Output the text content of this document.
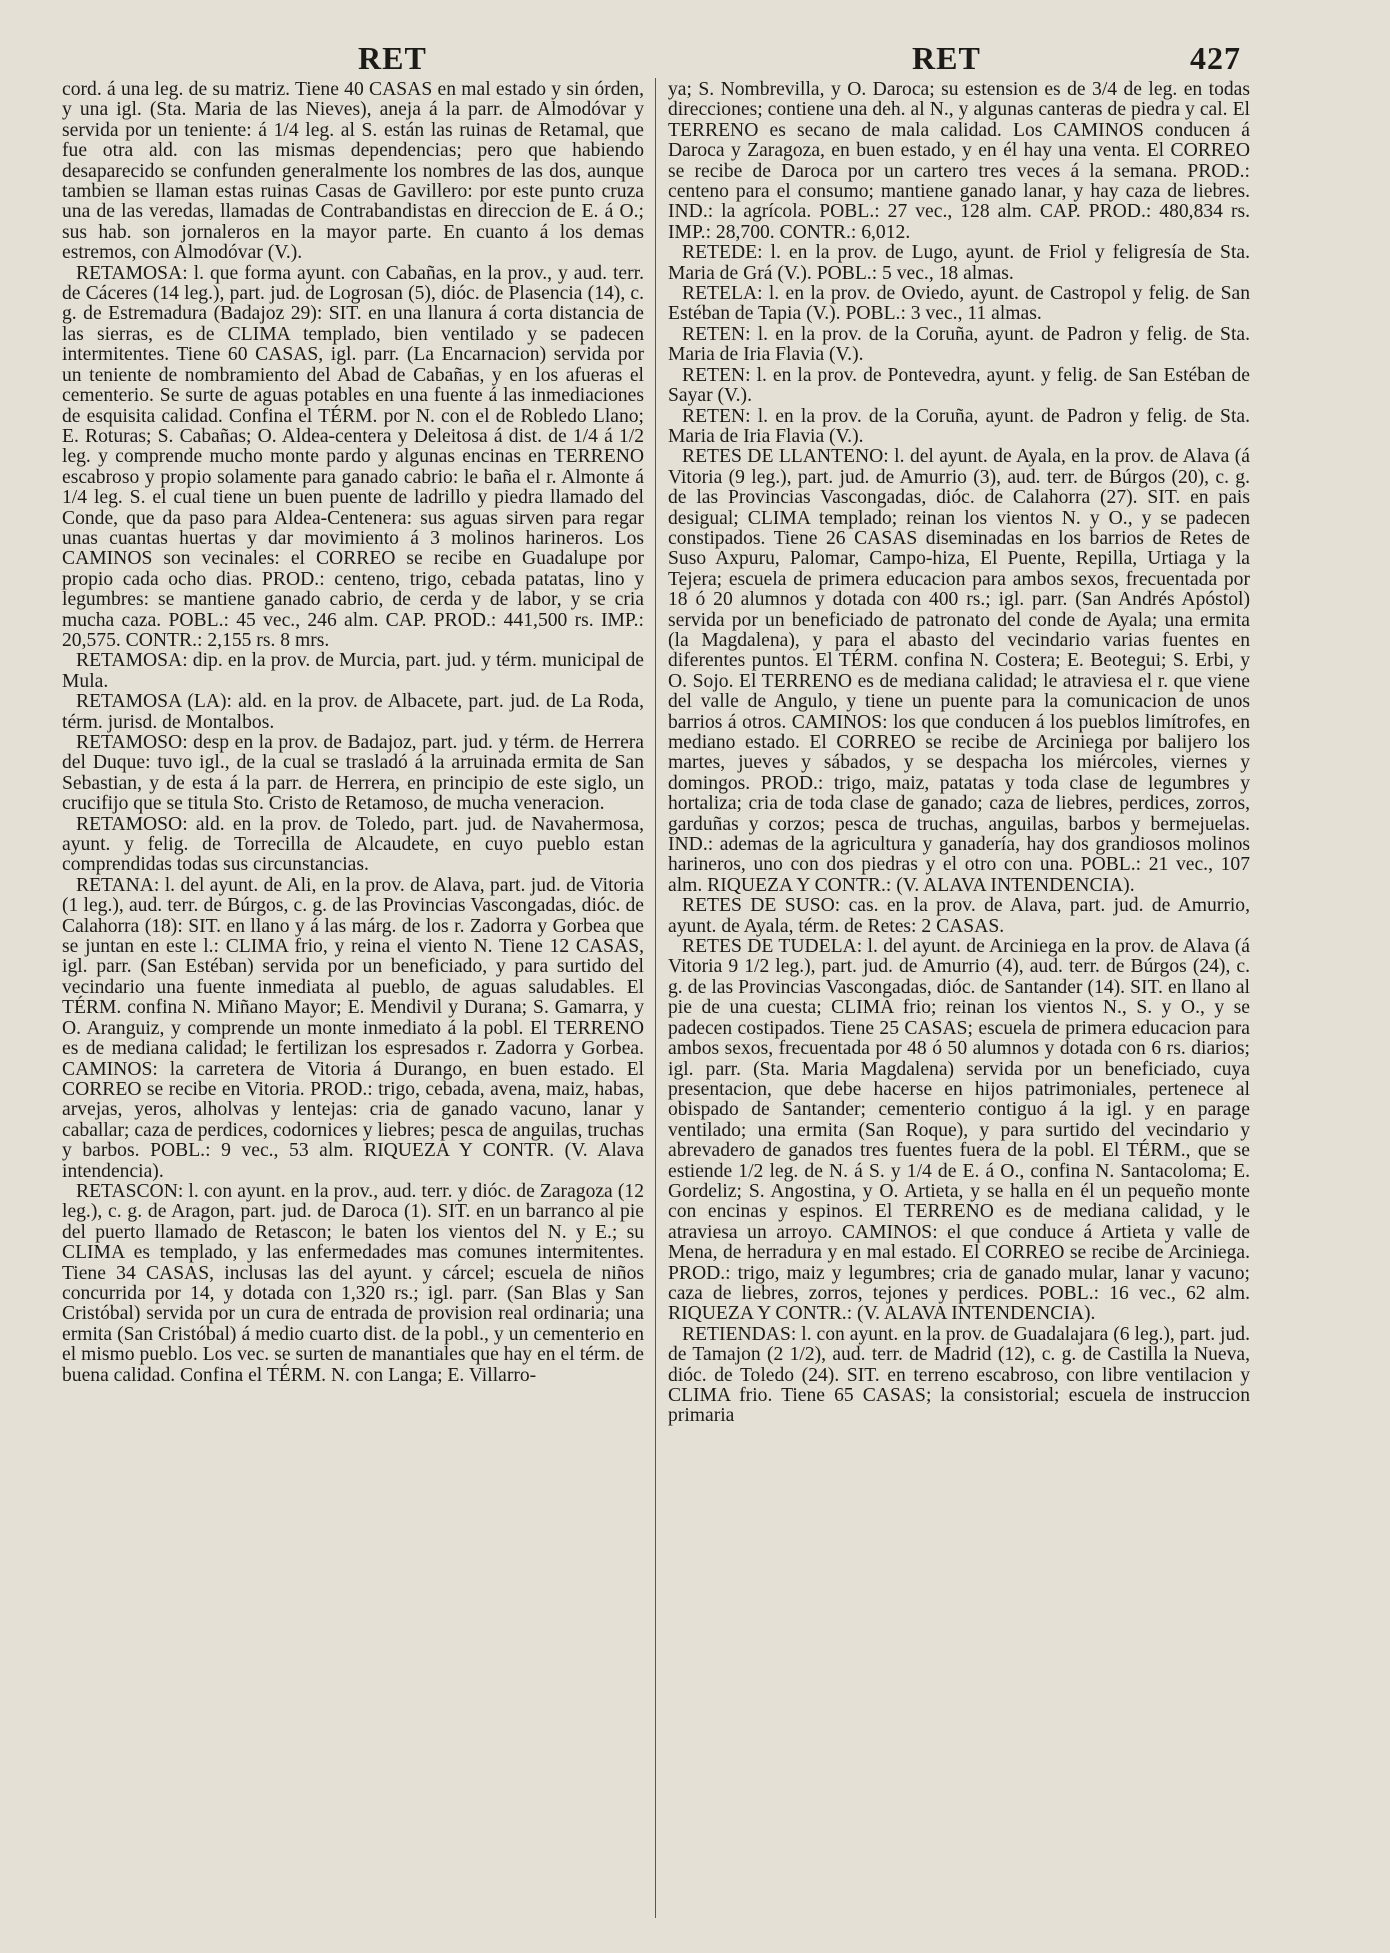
RET	RET	427

cord. á una leg. de su matriz. Tiene 40 CASAS en mal estado y sin órden, y una igl. (Sta. Maria de las Nieves), aneja á la parr. de Almodóvar y servida por un teniente: á 1/4 leg. al S. están las ruinas de Retamal, que fue otra ald. con las mismas dependencias; pero que habiendo desaparecido se confunden generalmente los nombres de las dos, aunque tambien se llaman estas ruinas Casas de Gavillero: por este punto cruza una de las veredas, llamadas de Contrabandistas en direccion de E. á O.; sus hab. son jornaleros en la mayor parte. En cuanto á los demas estremos, con Almodóvar (V.).

RETAMOSA: l. que forma ayunt. con Cabañas, en la prov., y aud. terr. de Cáceres (14 leg.), part. jud. de Logrosan (5), dióc. de Plasencia (14), c. g. de Estremadura (Badajoz 29): SIT. en una llanura á corta distancia de las sierras, es de CLIMA templado, bien ventilado y se padecen intermitentes. Tiene 60 CASAS, igl. parr. (La Encarnacion) servida por un teniente de nombramiento del Abad de Cabañas, y en los afueras el cementerio. Se surte de aguas potables en una fuente á las inmediaciones de esquisita calidad. Confina el TÉRM. por N. con el de Robledo Llano; E. Roturas; S. Cabañas; O. Aldea-centera y Deleitosa á dist. de 1/4 á 1/2 leg. y comprende mucho monte pardo y algunas encinas en TERRENO escabroso y propio solamente para ganado cabrio: le baña el r. Almonte á 1/4 leg. S. el cual tiene un buen puente de ladrillo y piedra llamado del Conde, que da paso para Aldea-Centenera: sus aguas sirven para regar unas cuantas huertas y dar movimiento á 3 molinos harineros. Los CAMINOS son vecinales: el CORREO se recibe en Guadalupe por propio cada ocho dias. PROD.: centeno, trigo, cebada patatas, lino y legumbres: se mantiene ganado cabrio, de cerda y de labor, y se cria mucha caza. POBL.: 45 vec., 246 alm. CAP. PROD.: 441,500 rs. IMP.: 20,575. CONTR.: 2,155 rs. 8 mrs.

RETAMOSA: dip. en la prov. de Murcia, part. jud. y térm. municipal de Mula.

RETAMOSA (LA): ald. en la prov. de Albacete, part. jud. de La Roda, térm. jurisd. de Montalbos.

RETAMOSO: desp en la prov. de Badajoz, part. jud. y térm. de Herrera del Duque: tuvo igl., de la cual se trasladó á la arruinada ermita de San Sebastian, y de esta á la parr. de Herrera, en principio de este siglo, un crucifijo que se titula Sto. Cristo de Retamoso, de mucha veneracion.

RETAMOSO: ald. en la prov. de Toledo, part. jud. de Navahermosa, ayunt. y felig. de Torrecilla de Alcaudete, en cuyo pueblo estan comprendidas todas sus circunstancias.

RETANA: l. del ayunt. de Ali, en la prov. de Alava, part. jud. de Vitoria (1 leg.), aud. terr. de Búrgos, c. g. de las Provincias Vascongadas, dióc. de Calahorra (18): SIT. en llano y á las márg. de los r. Zadorra y Gorbea que se juntan en este l.: CLIMA frio, y reina el viento N. Tiene 12 CASAS, igl. parr. (San Estéban) servida por un beneficiado, y para surtido del vecindario una fuente inmediata al pueblo, de aguas saludables. El TÉRM. confina N. Miñano Mayor; E. Mendivil y Durana; S. Gamarra, y O. Aranguiz, y comprende un monte inmediato á la pobl. El TERRENO es de mediana calidad; le fertilizan los espresados r. Zadorra y Gorbea. CAMINOS: la carretera de Vitoria á Durango, en buen estado. El CORREO se recibe en Vitoria. PROD.: trigo, cebada, avena, maiz, habas, arvejas, yeros, alholvas y lentejas: cria de ganado vacuno, lanar y caballar; caza de perdices, codornices y liebres; pesca de anguilas, truchas y barbos. POBL.: 9 vec., 53 alm. RIQUEZA Y CONTR. (V. Alava intendencia).

RETASCON: l. con ayunt. en la prov., aud. terr. y dióc. de Zaragoza (12 leg.), c. g. de Aragon, part. jud. de Daroca (1). SIT. en un barranco al pie del puerto llamado de Retascon; le baten los vientos del N. y E.; su CLIMA es templado, y las enfermedades mas comunes intermitentes. Tiene 34 CASAS, inclusas las del ayunt. y cárcel; escuela de niños concurrida por 14, y dotada con 1,320 rs.; igl. parr. (San Blas y San Cristóbal) servida por un cura de entrada de provision real ordinaria; una ermita (San Cristóbal) á medio cuarto dist. de la pobl., y un cementerio en el mismo pueblo. Los vec. se surten de manantiales que hay en el térm. de buena calidad. Confina el TÉRM. N. con Langa; E. Villarro-

ya; S. Nombrevilla, y O. Daroca; su estension es de 3/4 de leg. en todas direcciones; contiene una deh. al N., y algunas canteras de piedra y cal. El TERRENO es secano de mala calidad. Los CAMINOS conducen á Daroca y Zaragoza, en buen estado, y en él hay una venta. El CORREO se recibe de Daroca por un cartero tres veces á la semana. PROD.: centeno para el consumo; mantiene ganado lanar, y hay caza de liebres. IND.: la agrícola. POBL.: 27 vec., 128 alm. CAP. PROD.: 480,834 rs. IMP.: 28,700. CONTR.: 6,012.

RETEDE: l. en la prov. de Lugo, ayunt. de Friol y feligresía de Sta. Maria de Grá (V.). POBL.: 5 vec., 18 almas.

RETELA: l. en la prov. de Oviedo, ayunt. de Castropol y felig. de San Estéban de Tapia (V.). POBL.: 3 vec., 11 almas.

RETEN: l. en la prov. de la Coruña, ayunt. de Padron y felig. de Sta. Maria de Iria Flavia (V.).

RETEN: l. en la prov. de Pontevedra, ayunt. y felig. de San Estéban de Sayar (V.).

RETEN: l. en la prov. de la Coruña, ayunt. de Padron y felig. de Sta. Maria de Iria Flavia (V.).

RETES DE LLANTENO: l. del ayunt. de Ayala, en la prov. de Alava (á Vitoria (9 leg.), part. jud. de Amurrio (3), aud. terr. de Búrgos (20), c. g. de las Provincias Vascongadas, dióc. de Calahorra (27). SIT. en pais desigual; CLIMA templado; reinan los vientos N. y O., y se padecen constipados. Tiene 26 CASAS diseminadas en los barrios de Retes de Suso Axpuru, Palomar, Campo-hiza, El Puente, Repilla, Urtiaga y la Tejera; escuela de primera educacion para ambos sexos, frecuentada por 18 ó 20 alumnos y dotada con 400 rs.; igl. parr. (San Andrés Apóstol) servida por un beneficiado de patronato del conde de Ayala; una ermita (la Magdalena), y para el abasto del vecindario varias fuentes en diferentes puntos. El TÉRM. confina N. Costera; E. Beotegui; S. Erbi, y O. Sojo. El TERRENO es de mediana calidad; le atraviesa el r. que viene del valle de Angulo, y tiene un puente para la comunicacion de unos barrios á otros. CAMINOS: los que conducen á los pueblos limítrofes, en mediano estado. El CORREO se recibe de Arciniega por balijero los martes, jueves y sábados, y se despacha los miércoles, viernes y domingos. PROD.: trigo, maiz, patatas y toda clase de legumbres y hortaliza; cria de toda clase de ganado; caza de liebres, perdices, zorros, garduñas y corzos; pesca de truchas, anguilas, barbos y bermejuelas. IND.: ademas de la agricultura y ganadería, hay dos grandiosos molinos harineros, uno con dos piedras y el otro con una. POBL.: 21 vec., 107 alm. RIQUEZA Y CONTR.: (V. ALAVA INTENDENCIA).

RETES DE SUSO: cas. en la prov. de Alava, part. jud. de Amurrio, ayunt. de Ayala, térm. de Retes: 2 CASAS.

RETES DE TUDELA: l. del ayunt. de Arciniega en la prov. de Alava (á Vitoria 9 1/2 leg.), part. jud. de Amurrio (4), aud. terr. de Búrgos (24), c. g. de las Provincias Vascongadas, dióc. de Santander (14). SIT. en llano al pie de una cuesta; CLIMA frio; reinan los vientos N., S. y O., y se padecen costipados. Tiene 25 CASAS; escuela de primera educacion para ambos sexos, frecuentada por 48 ó 50 alumnos y dotada con 6 rs. diarios; igl. parr. (Sta. Maria Magdalena) servida por un beneficiado, cuya presentacion, que debe hacerse en hijos patrimoniales, pertenece al obispado de Santander; cementerio contiguo á la igl. y en parage ventilado; una ermita (San Roque), y para surtido del vecindario y abrevadero de ganados tres fuentes fuera de la pobl. El TÉRM., que se estiende 1/2 leg. de N. á S. y 1/4 de E. á O., confina N. Santacoloma; E. Gordeliz; S. Angostina, y O. Artieta, y se halla en él un pequeño monte con encinas y espinos. El TERRENO es de mediana calidad, y le atraviesa un arroyo. CAMINOS: el que conduce á Artieta y valle de Mena, de herradura y en mal estado. El CORREO se recibe de Arciniega. PROD.: trigo, maiz y legumbres; cria de ganado mular, lanar y vacuno; caza de liebres, zorros, tejones y perdices. POBL.: 16 vec., 62 alm. RIQUEZA Y CONTR.: (V. ALAVA INTENDENCIA).

RETIENDAS: l. con ayunt. en la prov. de Guadalajara (6 leg.), part. jud. de Tamajon (2 1/2), aud. terr. de Madrid (12), c. g. de Castilla la Nueva, dióc. de Toledo (24). SIT. en terreno escabroso, con libre ventilacion y CLIMA frio. Tiene 65 CASAS; la consistorial; escuela de instruccion primaria
